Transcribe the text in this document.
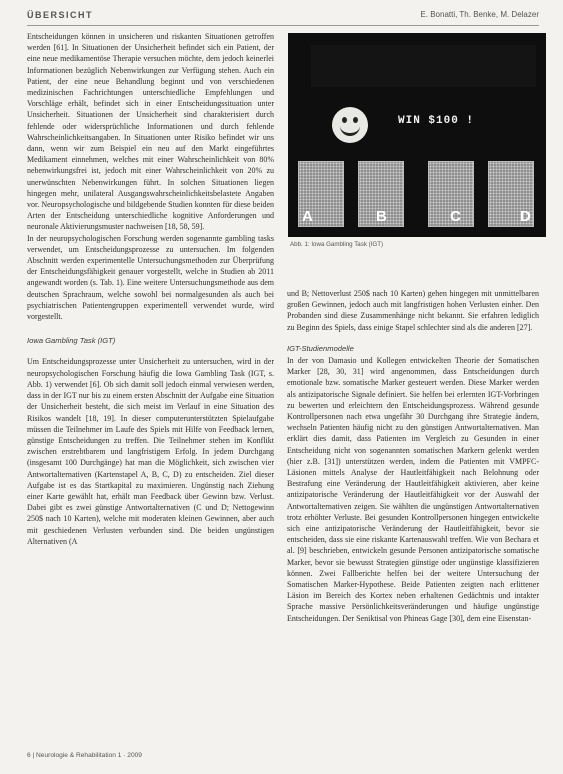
ÜBERSICHT	E. Bonatti, Th. Benke, M. Delazer

Entscheidungen können in unsicheren und riskanten Situationen getroffen werden [61]. In Situationen der Unsicherheit befindet sich ein Patient, der eine neue medikamentöse Therapie versuchen möchte, dem jedoch keinerlei Informationen bezüglich Nebenwirkungen zur Verfügung stehen. Auch ein Patient, der eine neue Behandlung beginnt und von verschiedenen medizinischen Fachrichtungen unterschiedliche Empfehlungen und Vorschläge erhält, befindet sich in einer Entscheidungssituation unter Unsicherheit. Situationen der Unsicherheit sind charakterisiert durch fehlende oder widersprüchliche Informationen und durch fehlende Wahrscheinlichkeitsangaben. In Situationen unter Risiko befindet wir uns dann, wenn wir zum Beispiel ein neu auf den Markt eingeführtes Medikament einnehmen, welches mit einer Wahrscheinlichkeit von 80% nebenwirkungsfrei ist, jedoch mit einer Wahrscheinlichkeit von 20% zu unerwünschten Nebenwirkungen führt. In solchen Situationen liegen hingegen mehr, unilateral Ausgangswahrscheinlichkeitsbelastete Angaben vor. Neuropsychologische und bildgebende Studien konnten für diese beiden Arten der Entscheidung unterschiedliche kognitive Anforderungen und neuronale Aktivierungsmuster nachweisen [18, 58, 59].

In der neuropsychologischen Forschung werden sogenannte gambling tasks verwendet, um Entscheidungsprozesse zu untersuchen. Im folgenden Abschnitt werden experimentelle Untersuchungsmethoden zur Überprüfung der Entscheidungsfähigkeit genauer vorgestellt, welche in Studien ab 2011 angewandt worden (s. Tab. 1). Eine weitere Untersuchungsmethode aus dem deutschen Sprachraum, welche sowohl bei normalgesunden als auch bei psychiatrischen Patientengruppen experimentell verwendet wurde, wird vorgestellt.

Iowa Gambling Task (IGT)

Um Entscheidungsprozesse unter Unsicherheit zu untersuchen, wird in der neuropsychologischen Forschung häufig die Iowa Gambling Task (IGT, s. Abb. 1) verwendet [6]. Ob sich damit soll jedoch einmal verwiesen werden, dass in der IGT nur bis zu einem ersten Abschnitt der Aufgabe eine Situation der Unsicherheit besteht, die sich meist im Verlauf in eine Situation des Risikos wandelt [18, 19]. In dieser computerunterstützten Spielaufgabe müssen die Teilnehmer im Laufe des Spiels mit Hilfe von Feedback lernen, günstige Entscheidungen zu treffen. Die Teilnehmer stehen im Konflikt zwischen erstrebtbarem und langfristigem Erfolg. In jedem Durchgang (insgesamt 100 Durchgänge) hat man die Möglichkeit, sich zwischen vier Antwortalternativen (Kartenstapel A, B, C, D) zu entscheiden. Ziel dieser Aufgabe ist es das Startkapital zu maximieren. Ungünstig nach Ziehung einer Karte gewählt hat, erhält man Feedback über Gewinn bzw. Verlust. Dabei gibt es zwei günstige Antwortalternativen (C und D; Nettogewinn 250$ nach 10 Karten), welche mit moderaten kleinen Gewinnen, aber auch mit geschiedenen Verlusten verbunden sind. Die beiden ungünstigen Alternativen (A

WIN $100 !
A	B	C	D
Abb. 1: Iowa Gambling Task (IGT)

und B; Nettoverlust 250$ nach 10 Karten) gehen hingegen mit unmittelbaren großen Gewinnen, jedoch auch mit langfristigen hohen Verlusten einher. Den Probanden sind diese Zusammenhänge nicht bekannt. Sie erfahren lediglich zu Beginn des Spiels, dass einige Stapel schlechter sind als die anderen [27].

IGT-Studienmodelle

In der von Damasio und Kollegen entwickelten Theorie der Somatischen Marker [28, 30, 31] wird angenommen, dass Entscheidungen durch emotionale bzw. somatische Marker gesteuert werden. Diese Marker werden als antizipatorische Signale definiert. Sie helfen bei erlernten IGT-Vorbringen zu bewerten und erleichtern den Entscheidungsprozess. Während gesunde Kontrollpersonen nach etwa ungefähr 30 Durchgang ihre Strategie ändern, wechseln Patienten häufig nicht zu den günstigen Antwortalternativen. Man erklärt dies damit, dass Patienten im Vergleich zu Gesunden in einer Entscheidung nicht von sogenannten somatischen Markern gelenkt werden (hier z.B. [31]) unterstützen werden, indem die Patienten mit VMPFC-Läsionen mittels Analyse der Hautleitfähigkeit nach Belohnung oder Bestrafung eine Veränderung der Hautleitfähigkeit aktivieren, aber keine antizipatorische Veränderung der Hautleitfähigkeit vor der Auswahl der Antwortalternativen zeigen. Sie wählten die ungünstigen Antwortalternativen trotz erhöhter Verluste. Bei gesunden Kontrollpersonen hingegen entwickelte sich eine antizipatorische Veränderung der Hautleitfähigkeit, bevor sie entscheiden, dass sie eine riskante Kartenauswahl treffen. Wie von Bechara et al. [9] beschrieben, entwickeln gesunde Personen antizipatorische somatische Marker, bevor sie bewusst Strategien günstige oder ungünstige klassifizieren können. Zwei Fallberichte helfen bei der weitere Untersuchung der Somatischen Marker-Hypothese. Beide Patienten zeigten nach erlittener Läsion im Bereich des Kortex neben erhaltenen Gedächtnis und intakter Sprache massive Persönlichkeitsveränderungen und häufige ungünstige Entscheidungen. Der Seniktisal von Phineas Gage [30], dem eine Eisenstan-

6 | Neurologie & Rehabilitation 1 · 2009
